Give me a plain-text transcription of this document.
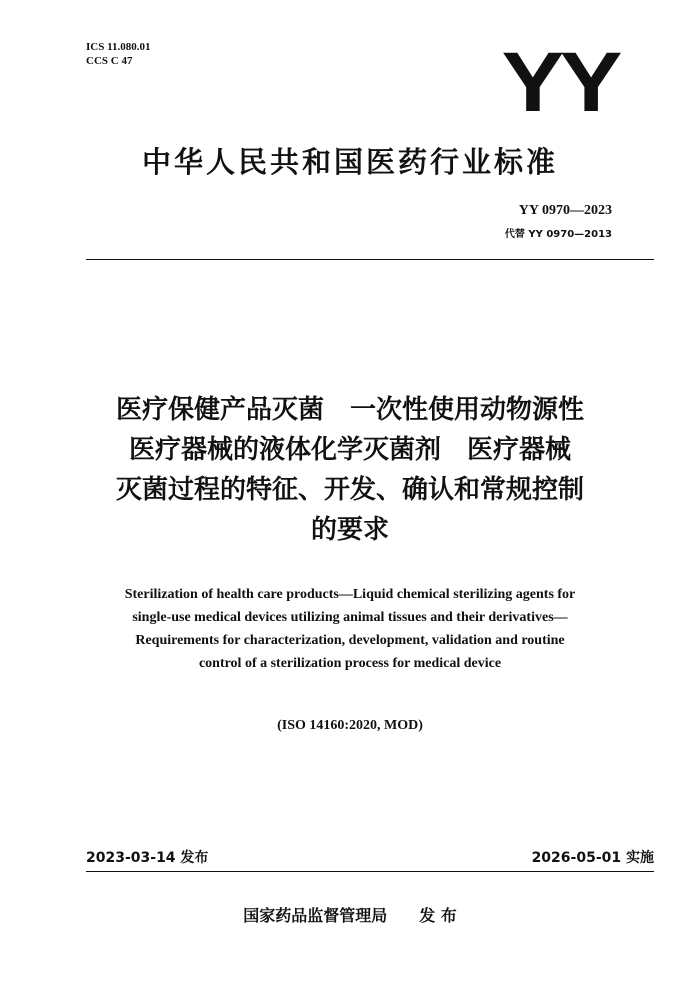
ICS 11.080.01
CCS C 47	YY
中华人民共和国医药行业标准
YY 0970—2023
代替 YY 0970—2013
医疗保健产品灭菌　一次性使用动物源性
医疗器械的液体化学灭菌剂　医疗器械
灭菌过程的特征、开发、确认和常规控制
的要求
Sterilization of health care products—Liquid chemical sterilizing agents for
single-use medical devices utilizing animal tissues and their derivatives—
Requirements for characterization, development, validation and routine
control of a sterilization process for medical device
(ISO 14160:2020, MOD)
2023-03-14 发布	2026-05-01 实施
国家药品监督管理局　　发 布
